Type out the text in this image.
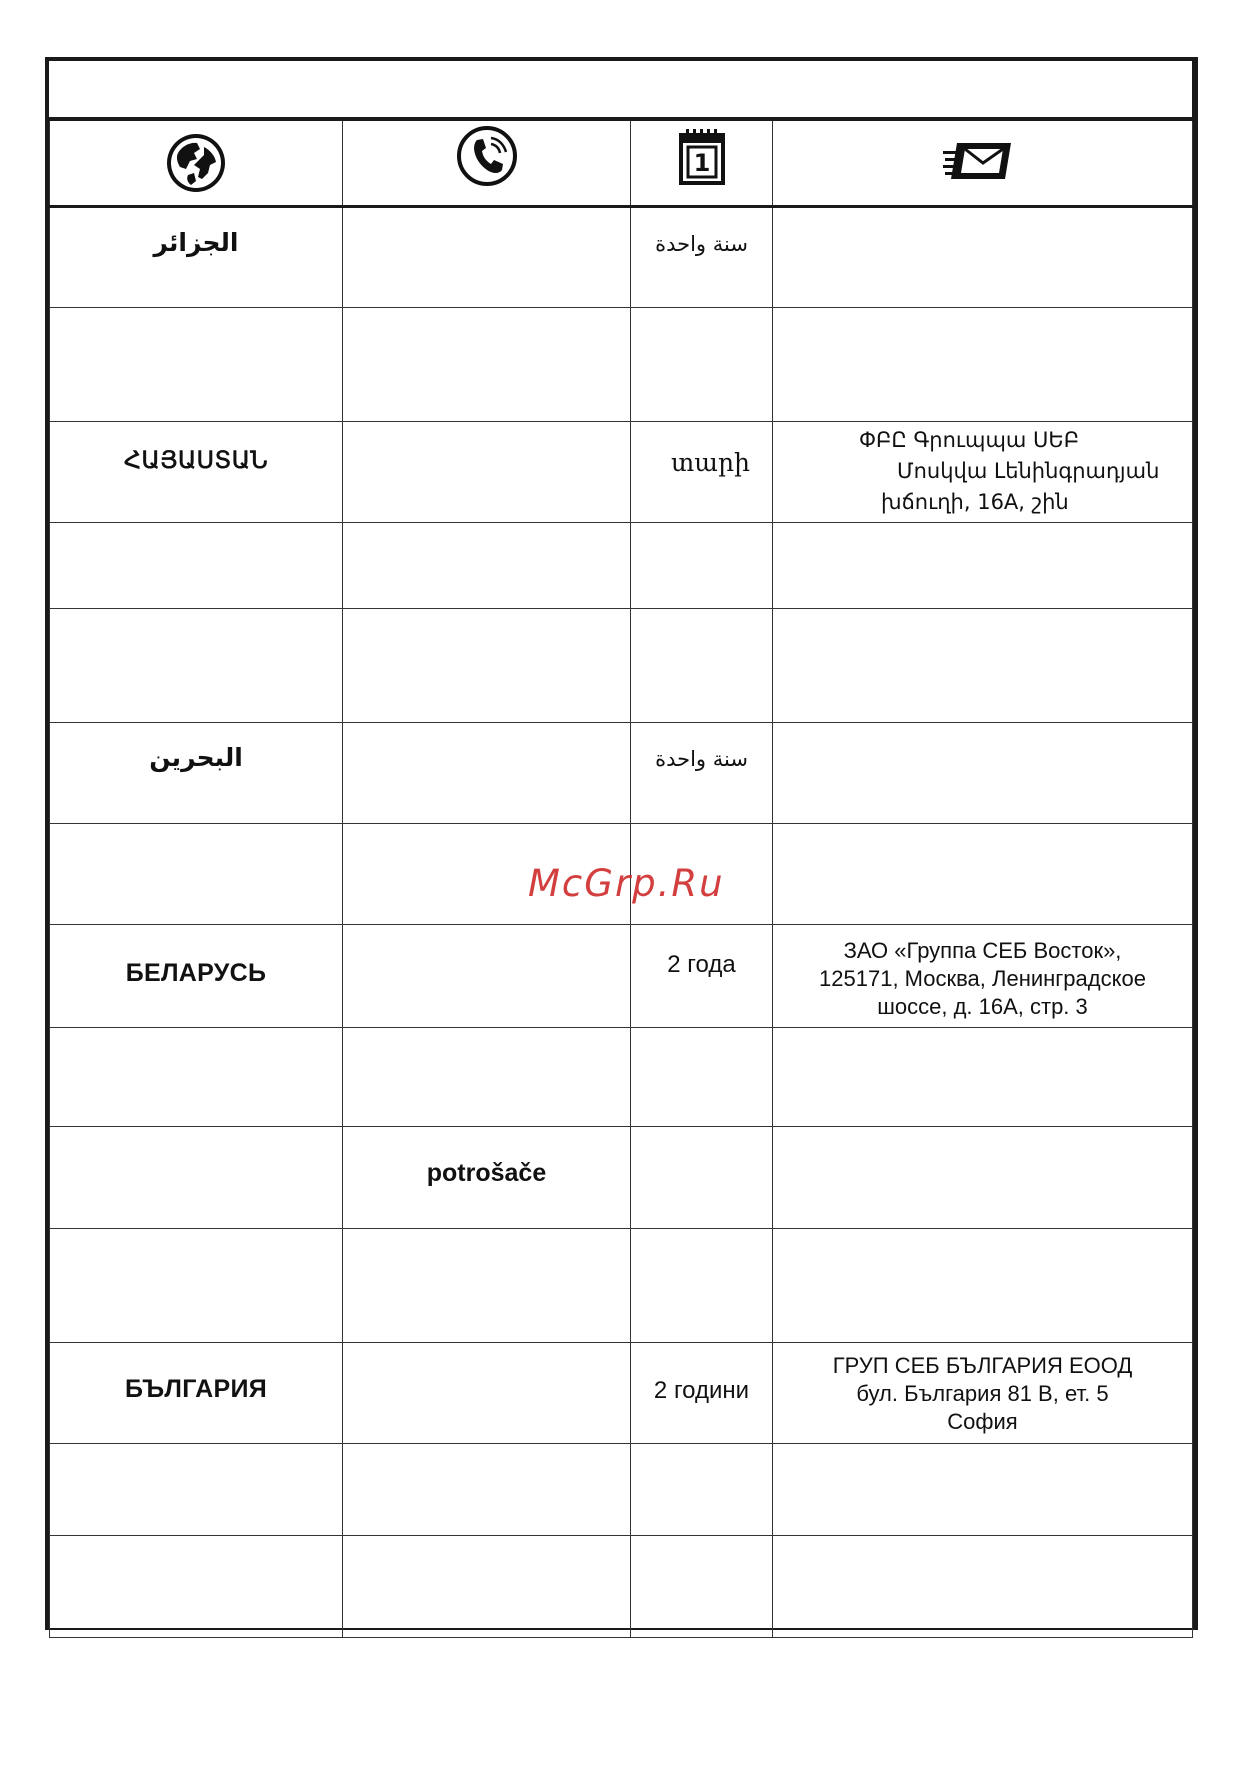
1

الجزائر		سنة واحدة	

ՀԱՅԱՍՏԱՆ		տարի	ՓԲԸ Գրուպպա ՍԵԲ
Մոսկվա Լենինգրադյան
խճուղի, 16A, շին

البحرين		سنة واحدة	

БЕЛАРУСЬ		2 года	ЗАО «Группа СЕБ Восток»,
125171, Москва, Ленинградское
шоссе, д. 16А, стр. 3

	potrošače		

БЪЛГАРИЯ		2 години	ГРУП СЕБ БЪЛГАРИЯ ЕООД
бул. България 81 В, ет. 5
София

McGrp.Ru
